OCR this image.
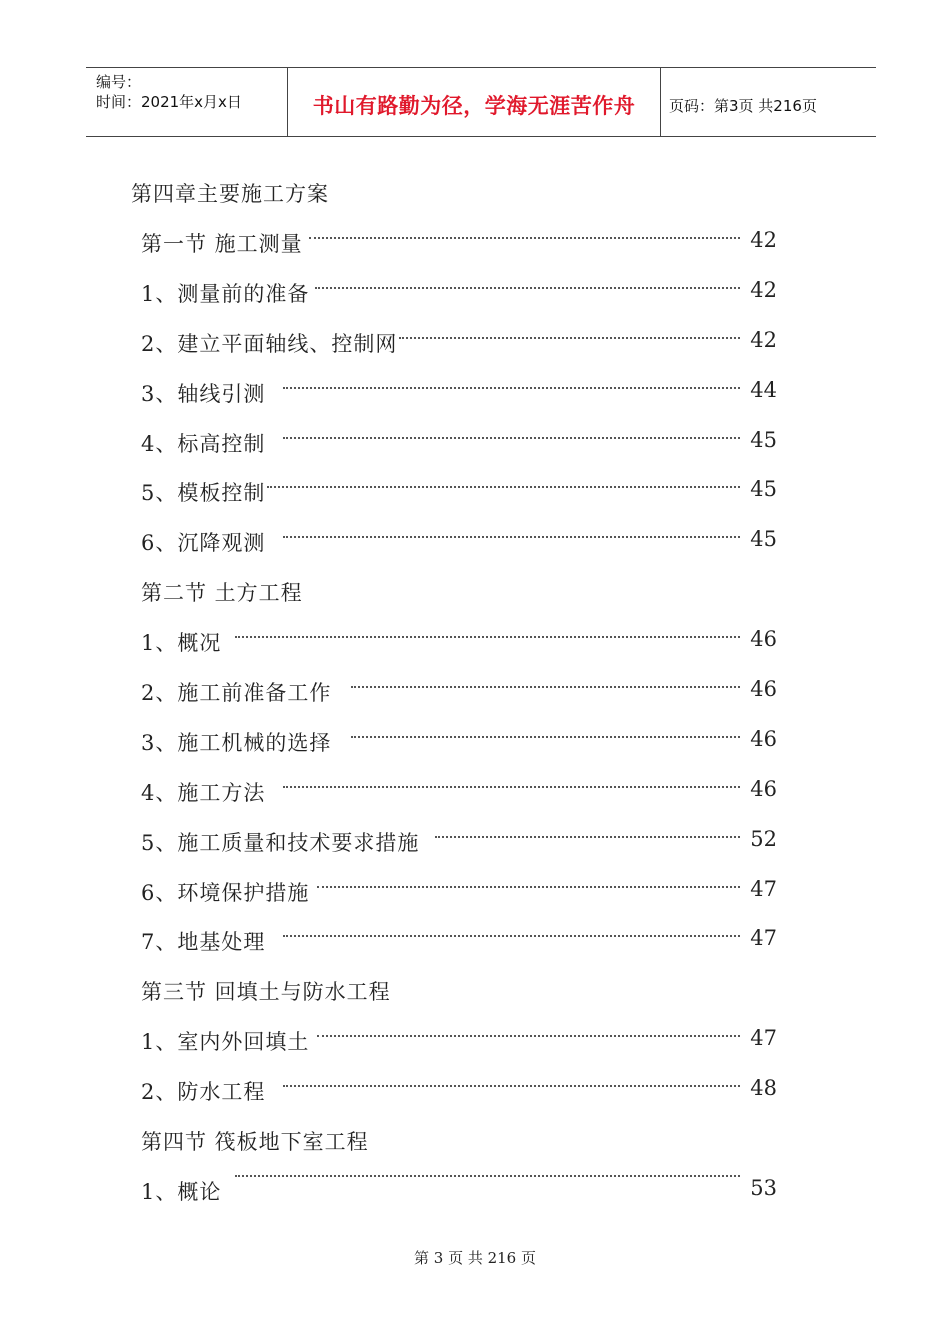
编号：
时间：2021年x月x日	书山有路勤为径，学海无涯苦作舟	页码：第3页 共216页
第四章主要施工方案
第一节 施工测量	42
1、测量前的准备	42
2、建立平面轴线、控制网	42
3、轴线引测	44
4、标高控制	45
5、模板控制	45
6、沉降观测	45
第二节 土方工程
1、概况	46
2、施工前准备工作	46
3、施工机械的选择	46
4、施工方法	46
5、施工质量和技术要求措施	52
6、环境保护措施	47
7、地基处理	47
第三节 回填土与防水工程
1、室内外回填土	47
2、防水工程	48
第四节 筏板地下室工程
1、概论	53
第 3 页 共 216 页
